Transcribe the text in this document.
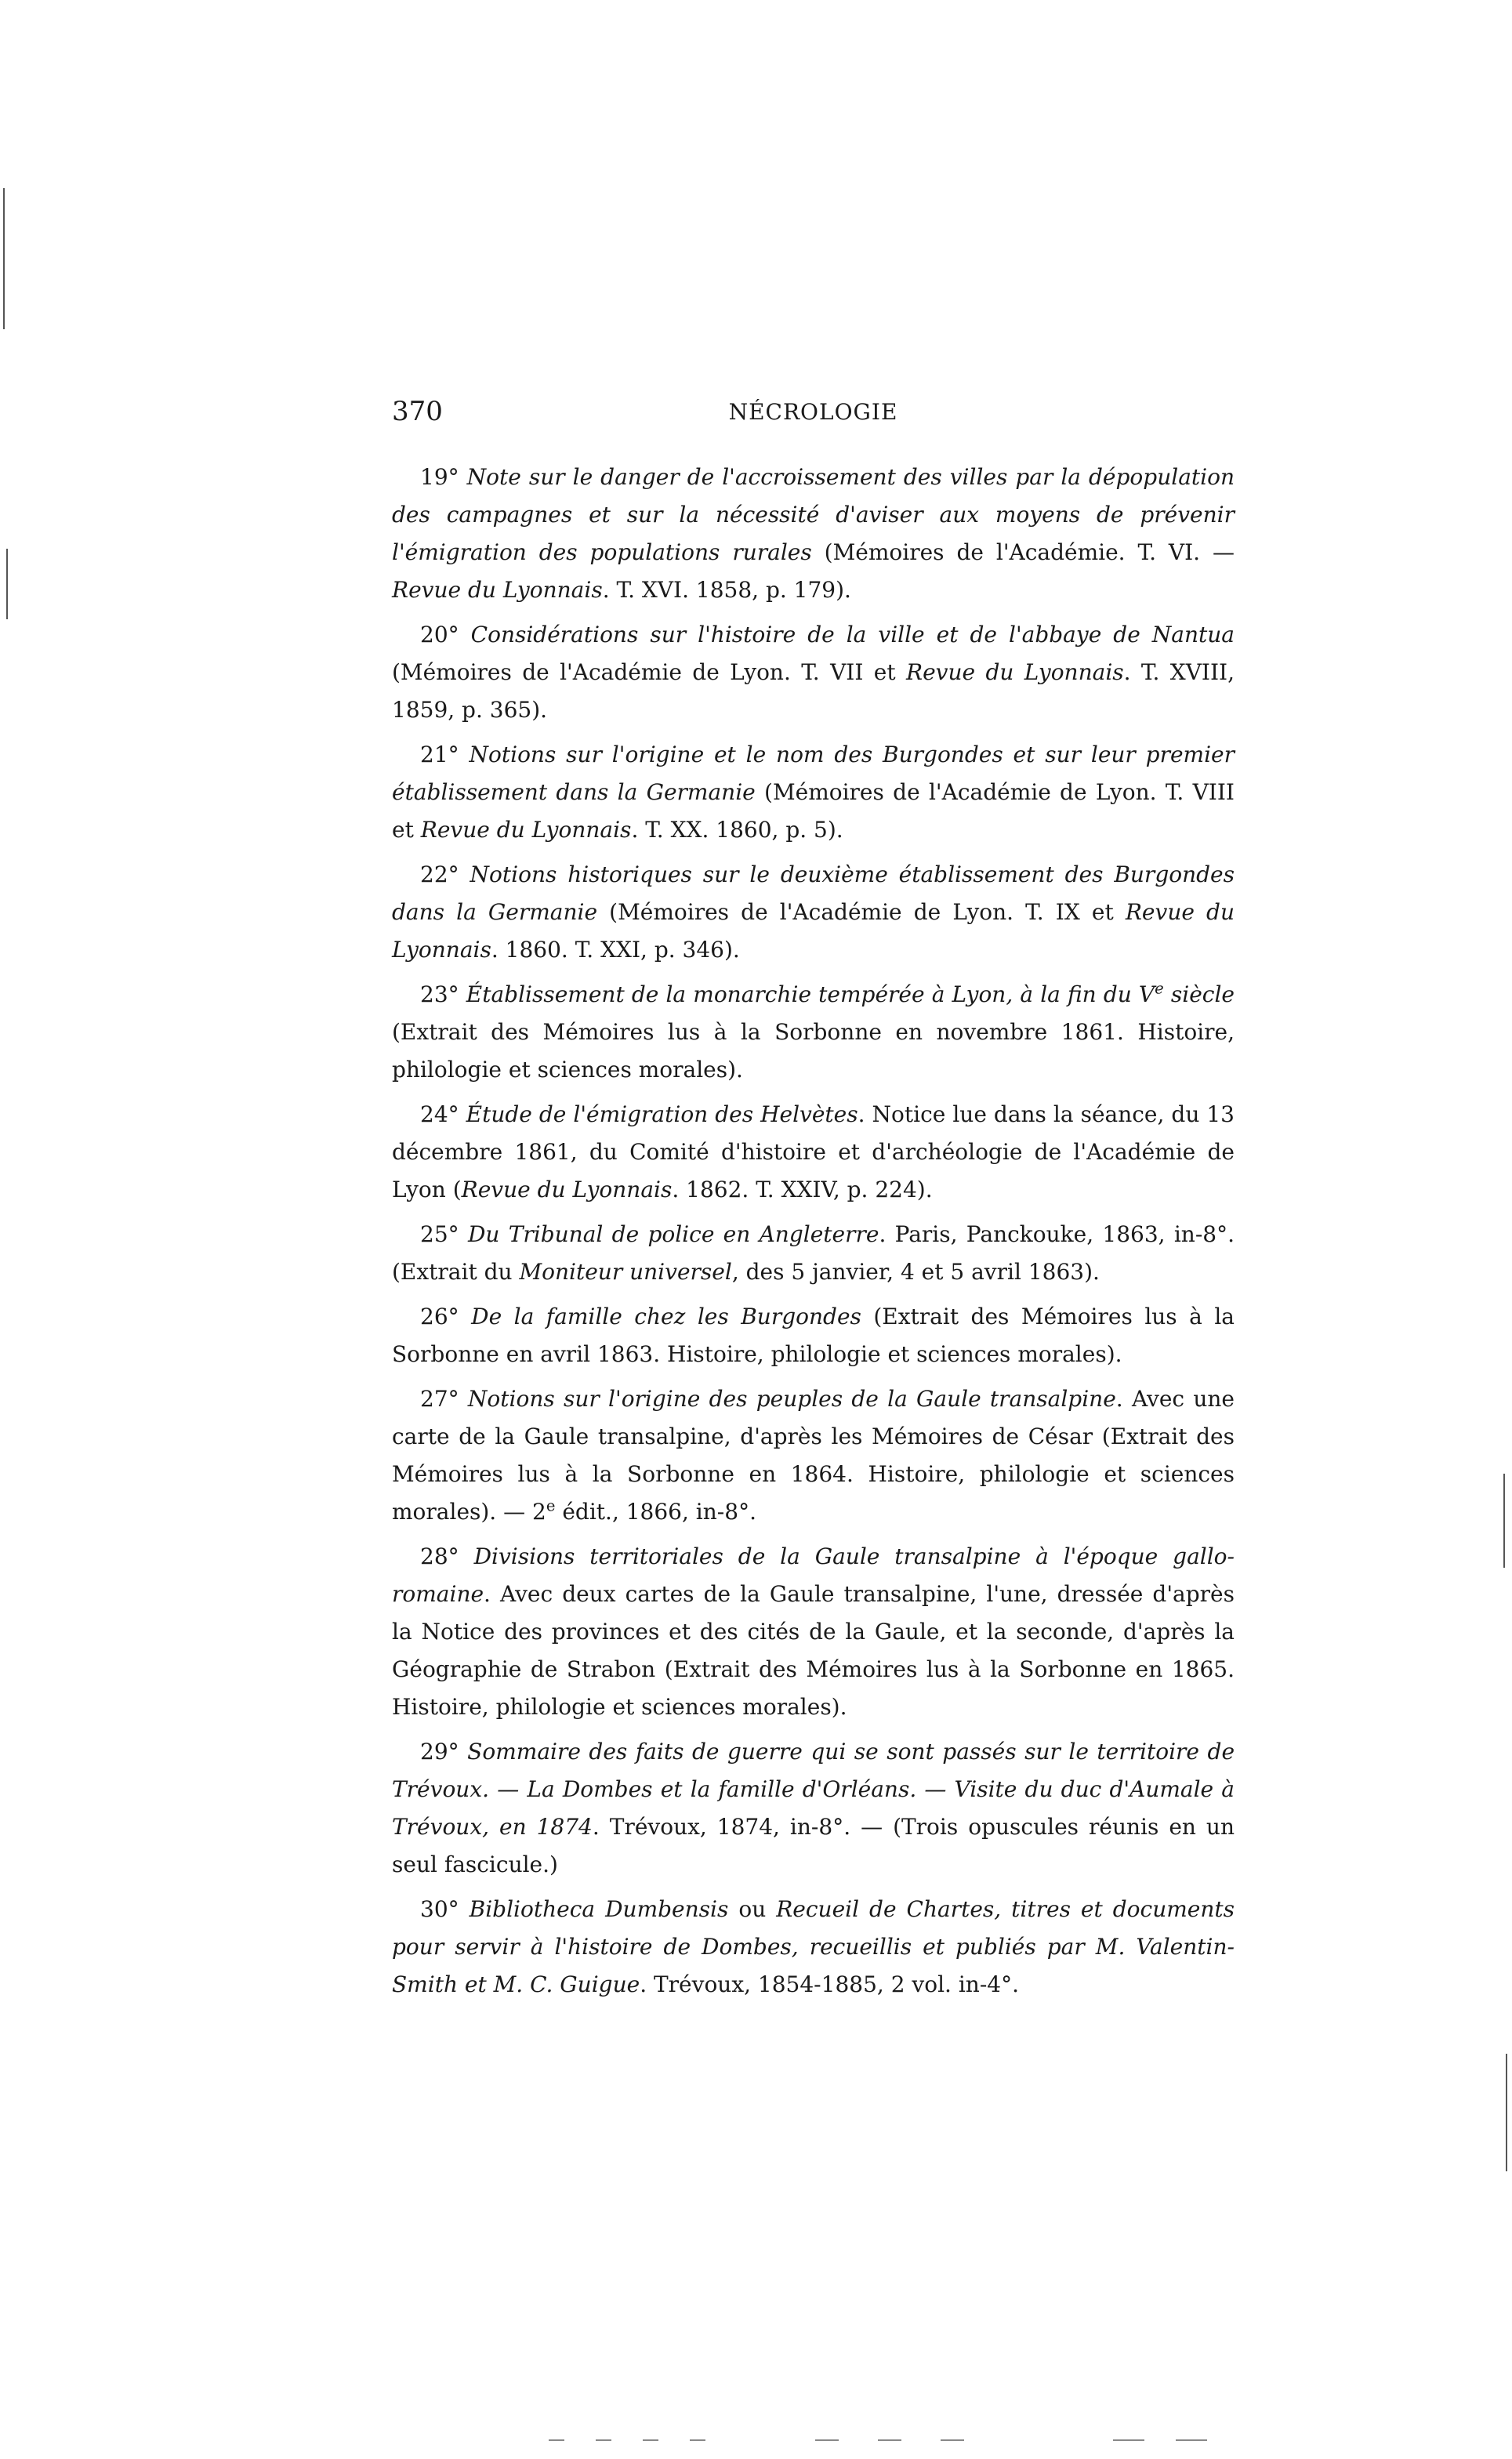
370	NÉCROLOGIE

19° Note sur le danger de l'accroissement des villes par la dépopulation des campagnes et sur la nécessité d'aviser aux moyens de prévenir l'émigration des populations rurales (Mémoires de l'Académie. T. VI. — Revue du Lyonnais. T. XVI. 1858, p. 179).

20° Considérations sur l'histoire de la ville et de l'abbaye de Nantua (Mémoires de l'Académie de Lyon. T. VII et Revue du Lyonnais. T. XVIII, 1859, p. 365).

21° Notions sur l'origine et le nom des Burgondes et sur leur premier établissement dans la Germanie (Mémoires de l'Académie de Lyon. T. VIII et Revue du Lyonnais. T. XX. 1860, p. 5).

22° Notions historiques sur le deuxième établissement des Burgondes dans la Germanie (Mémoires de l'Académie de Lyon. T. IX et Revue du Lyonnais. 1860. T. XXI, p. 346).

23° Établissement de la monarchie tempérée à Lyon, à la fin du Ve siècle (Extrait des Mémoires lus à la Sorbonne en novembre 1861. Histoire, philologie et sciences morales).

24° Étude de l'émigration des Helvètes. Notice lue dans la séance, du 13 décembre 1861, du Comité d'histoire et d'archéologie de l'Académie de Lyon (Revue du Lyonnais. 1862. T. XXIV, p. 224).

25° Du Tribunal de police en Angleterre. Paris, Panckouke, 1863, in-8°. (Extrait du Moniteur universel, des 5 janvier, 4 et 5 avril 1863).

26° De la famille chez les Burgondes (Extrait des Mémoires lus à la Sorbonne en avril 1863. Histoire, philologie et sciences morales).

27° Notions sur l'origine des peuples de la Gaule transalpine. Avec une carte de la Gaule transalpine, d'après les Mémoires de César (Extrait des Mémoires lus à la Sorbonne en 1864. Histoire, philologie et sciences morales). — 2e édit., 1866, in-8°.

28° Divisions territoriales de la Gaule transalpine à l'époque gallo-romaine. Avec deux cartes de la Gaule transalpine, l'une, dressée d'après la Notice des provinces et des cités de la Gaule, et la seconde, d'après la Géographie de Strabon (Extrait des Mémoires lus à la Sorbonne en 1865. Histoire, philologie et sciences morales).

29° Sommaire des faits de guerre qui se sont passés sur le territoire de Trévoux. — La Dombes et la famille d'Orléans. — Visite du duc d'Aumale à Trévoux, en 1874. Trévoux, 1874, in-8°. — (Trois opuscules réunis en un seul fascicule.)

30° Bibliotheca Dumbensis ou Recueil de Chartes, titres et documents pour servir à l'histoire de Dombes, recueillis et publiés par M. Valentin-Smith et M. C. Guigue. Trévoux, 1854-1885, 2 vol. in-4°.
